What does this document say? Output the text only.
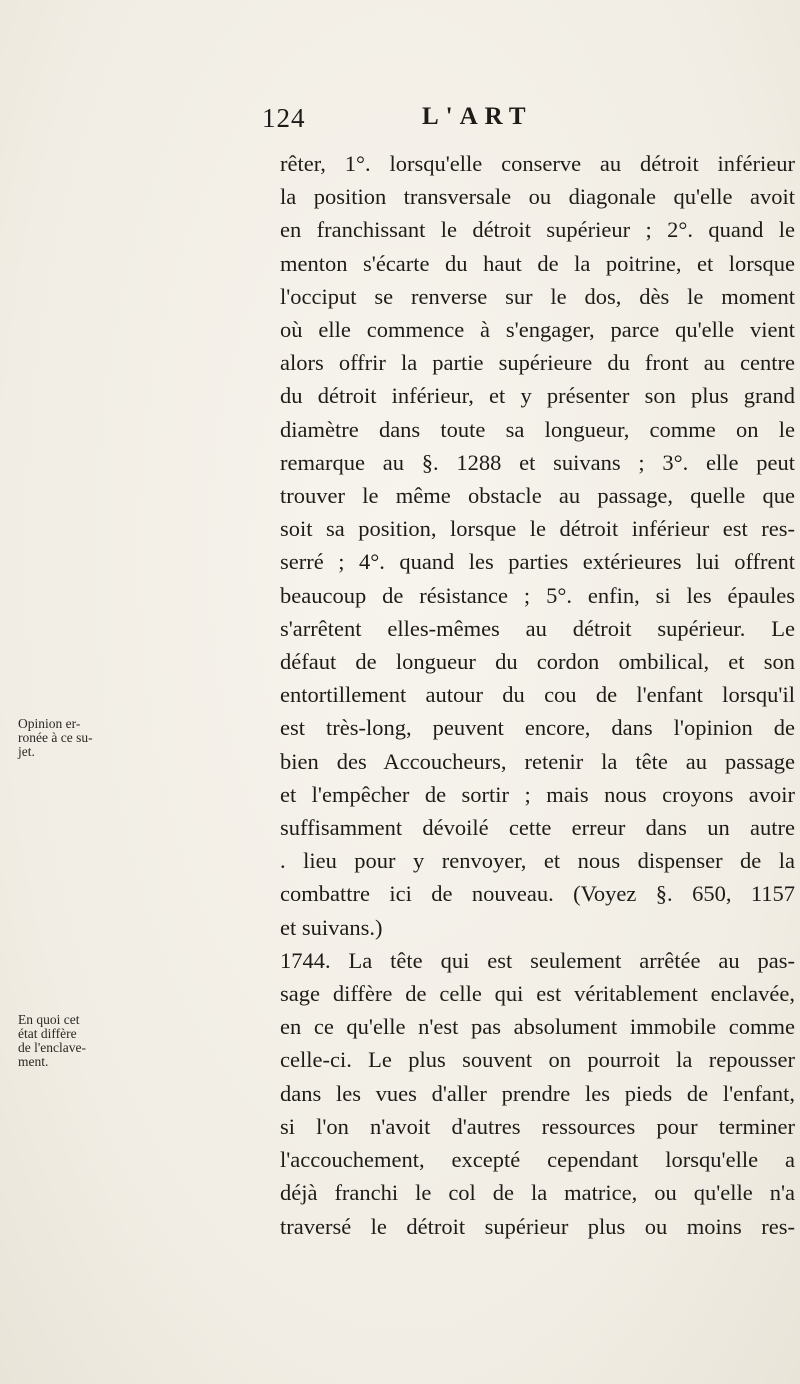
124	L'ART
rêter, 1°. lorsqu'elle conserve au détroit inférieur
la position transversale ou diagonale qu'elle avoit
en franchissant le détroit supérieur ; 2°. quand le
menton s'écarte du haut de la poitrine, et lorsque
l'occiput se renverse sur le dos, dès le moment
où elle commence à s'engager, parce qu'elle vient
alors offrir la partie supérieure du front au centre
du détroit inférieur, et y présenter son plus grand
diamètre dans toute sa longueur, comme on le
remarque au §. 1288 et suivans ; 3°. elle peut
trouver le même obstacle au passage, quelle que
soit sa position, lorsque le détroit inférieur est res-
serré ; 4°. quand les parties extérieures lui offrent
beaucoup de résistance ; 5°. enfin, si les épaules
s'arrêtent elles-mêmes au détroit supérieur. Le
défaut de longueur du cordon ombilical, et son
entortillement autour du cou de l'enfant lorsqu'il
est très-long, peuvent encore, dans l'opinion de
bien des Accoucheurs, retenir la tête au passage
et l'empêcher de sortir ; mais nous croyons avoir
suffisamment dévoilé cette erreur dans un autre
. lieu pour y renvoyer, et nous dispenser de la
combattre ici de nouveau. (Voyez §. 650, 1157
et suivans.)
1744. La tête qui est seulement arrêtée au pas-
sage diffère de celle qui est véritablement enclavée,
en ce qu'elle n'est pas absolument immobile comme
celle-ci. Le plus souvent on pourroit la repousser
dans les vues d'aller prendre les pieds de l'enfant,
si l'on n'avoit d'autres ressources pour terminer
l'accouchement, excepté cependant lorsqu'elle a
déjà franchi le col de la matrice, ou qu'elle n'a
traversé le détroit supérieur plus ou moins res-
Opinion er-
ronée à ce su-
jet.
En quoi cet
état diffère
de l'enclave-
ment.
